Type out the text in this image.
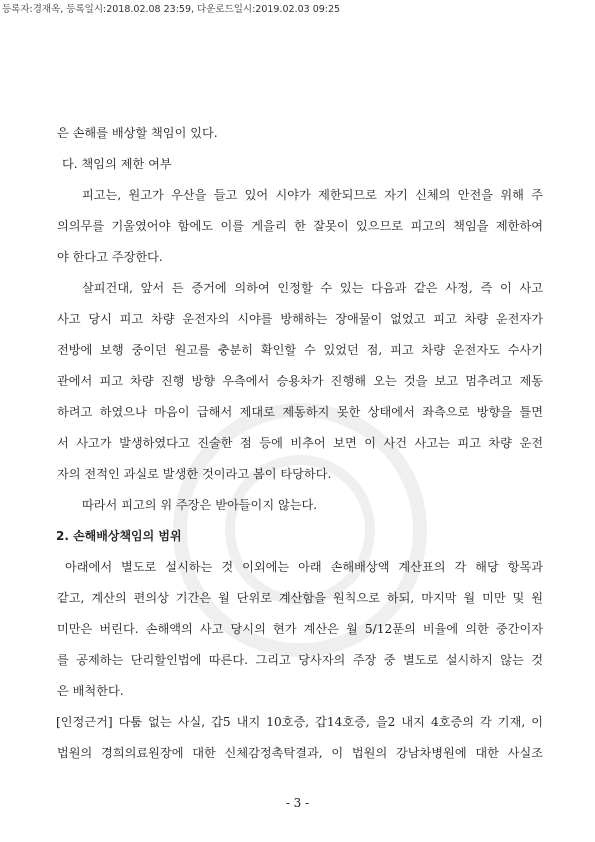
등록자:경재옥, 등록일시:2018.02.08 23:59, 다운로드일시:2019.02.03 09:25
은 손해를 배상할 책임이 있다.
다. 책임의 제한 여부
피고는, 원고가 우산을 들고 있어 시야가 제한되므로 자기 신체의 안전을 위해 주
의의무를 기울였어야 함에도 이를 게을리 한 잘못이 있으므로 피고의 책임을 제한하여
야 한다고 주장한다.
살피건대, 앞서 든 증거에 의하여 인정할 수 있는 다음과 같은 사정, 즉 이 사고
사고 당시 피고 차량 운전자의 시야를 방해하는 장애물이 없었고 피고 차량 운전자가
전방에 보행 중이던 원고를 충분히 확인할 수 있었던 점, 피고 차량 운전자도 수사기
관에서 피고 차량 진행 방향 우측에서 승용차가 진행해 오는 것을 보고 멈추려고 제동
하려고 하였으나 마음이 급해서 제대로 제동하지 못한 상태에서 좌측으로 방향을 틀면
서 사고가 발생하였다고 진술한 점 등에 비추어 보면 이 사건 사고는 피고 차량 운전
자의 전적인 과실로 발생한 것이라고 봄이 타당하다.
따라서 피고의 위 주장은 받아들이지 않는다.
2. 손해배상책임의 범위
아래에서 별도로 설시하는 것 이외에는 아래 손해배상액 계산표의 각 해당 항목과
같고, 계산의 편의상 기간은 월 단위로 계산함을 원칙으로 하되, 마지막 월 미만 및 원
미만은 버린다. 손해액의 사고 당시의 현가 계산은 월 5/12푼의 비율에 의한 중간이자
를 공제하는 단리할인법에 따른다. 그리고 당사자의 주장 중 별도로 설시하지 않는 것
은 배척한다.
[인정근거] 다툼 없는 사실, 갑5 내지 10호증, 갑14호증, 을2 내지 4호증의 각 기재, 이
법원의 경희의료원장에 대한 신체감정촉탁결과, 이 법원의 강남차병원에 대한 사실조
- 3 -
